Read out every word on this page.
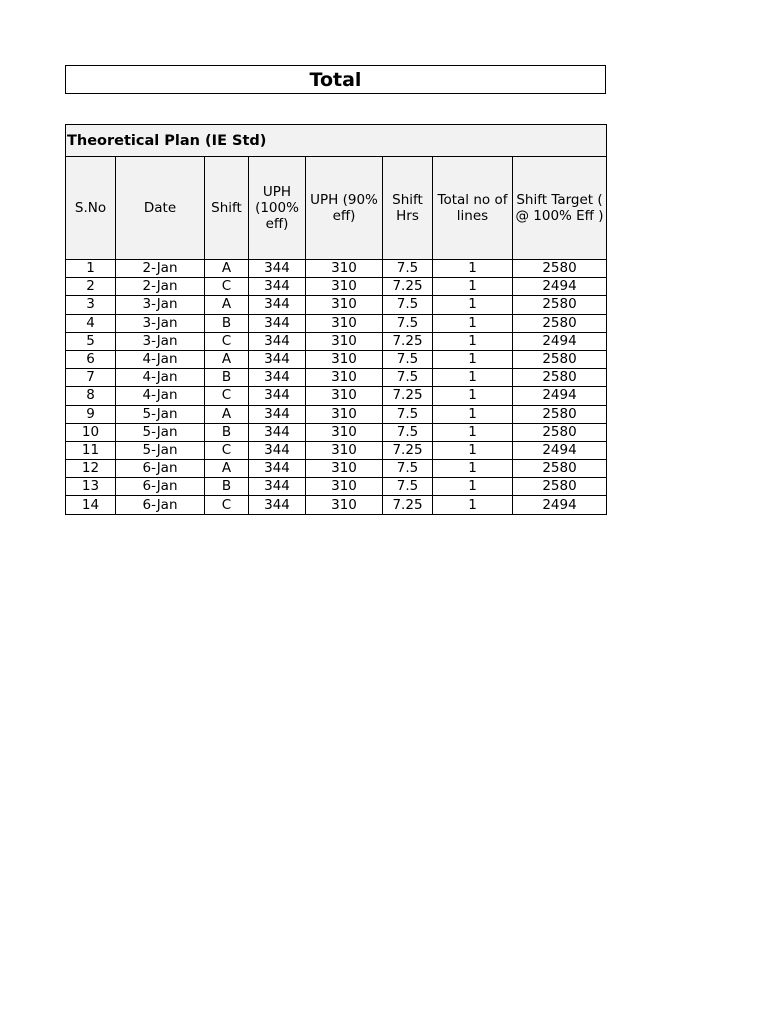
Total
Theoretical Plan (IE Std)							
S.No	Date	Shift	UPH (100% eff)	UPH (90% eff)	Shift Hrs	Total no of lines	Shift Target ( @ 100% Eff )
1	2-Jan	A	344	310	7.5	1	2580
2	2-Jan	C	344	310	7.25	1	2494
3	3-Jan	A	344	310	7.5	1	2580
4	3-Jan	B	344	310	7.5	1	2580
5	3-Jan	C	344	310	7.25	1	2494
6	4-Jan	A	344	310	7.5	1	2580
7	4-Jan	B	344	310	7.5	1	2580
8	4-Jan	C	344	310	7.25	1	2494
9	5-Jan	A	344	310	7.5	1	2580
10	5-Jan	B	344	310	7.5	1	2580
11	5-Jan	C	344	310	7.25	1	2494
12	6-Jan	A	344	310	7.5	1	2580
13	6-Jan	B	344	310	7.5	1	2580
14	6-Jan	C	344	310	7.25	1	2494
